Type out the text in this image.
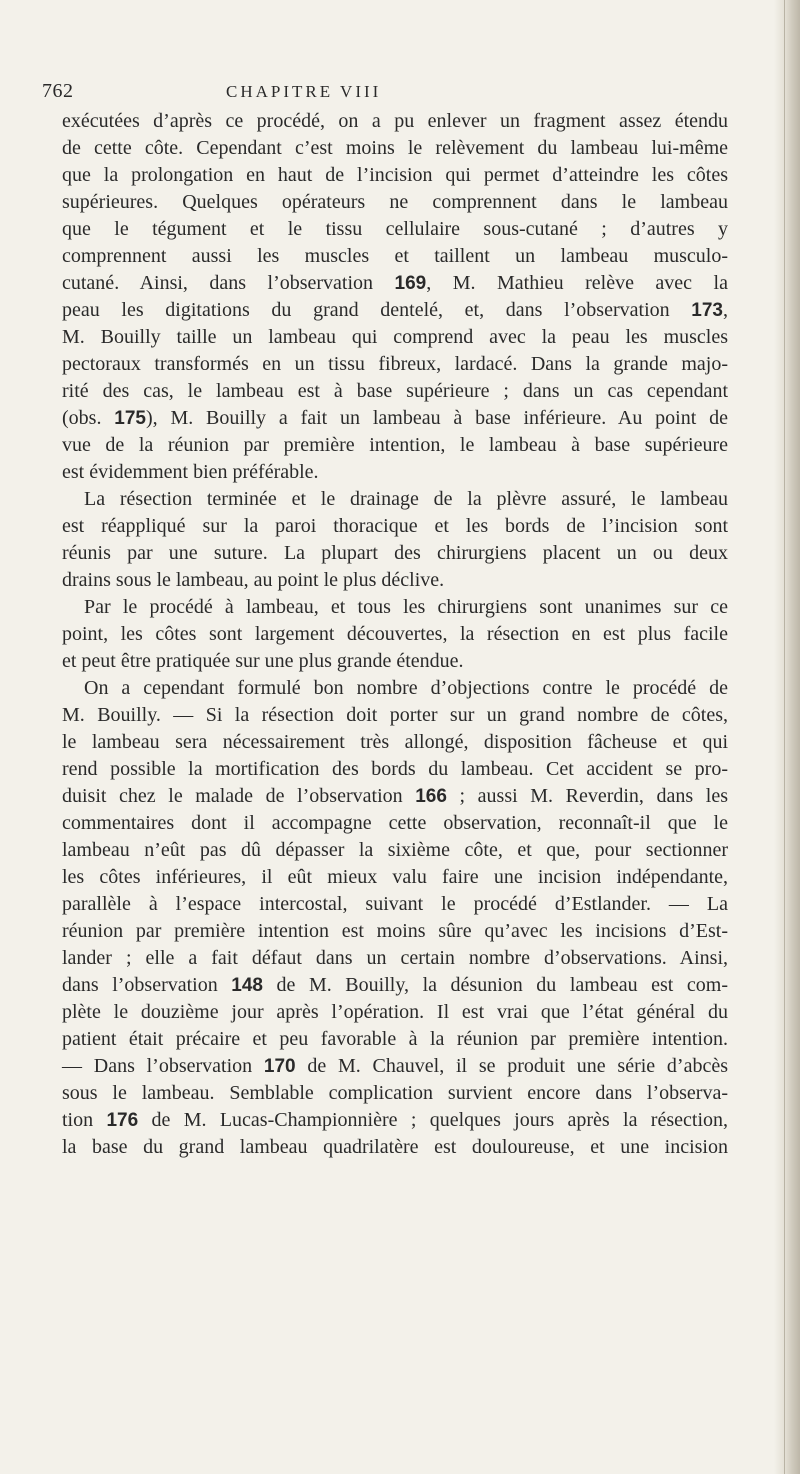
762	CHAPITRE VIII
exécutées d’après ce procédé, on a pu enlever un fragment assez étendu
de cette côte. Cependant c’est moins le relèvement du lambeau lui-même
que la prolongation en haut de l’incision qui permet d’atteindre les côtes
supérieures. Quelques opérateurs ne comprennent dans le lambeau
que le tégument et le tissu cellulaire sous-cutané ; d’autres y
comprennent aussi les muscles et taillent un lambeau musculo-
cutané. Ainsi, dans l’observation 169, M. Mathieu relève avec la
peau les digitations du grand dentelé, et, dans l’observation 173,
M. Bouilly taille un lambeau qui comprend avec la peau les muscles
pectoraux transformés en un tissu fibreux, lardacé. Dans la grande majo-
rité des cas, le lambeau est à base supérieure ; dans un cas cependant
(obs. 175), M. Bouilly a fait un lambeau à base inférieure. Au point de
vue de la réunion par première intention, le lambeau à base supérieure
est évidemment bien préférable.
La résection terminée et le drainage de la plèvre assuré, le lambeau
est réappliqué sur la paroi thoracique et les bords de l’incision sont
réunis par une suture. La plupart des chirurgiens placent un ou deux
drains sous le lambeau, au point le plus déclive.
Par le procédé à lambeau, et tous les chirurgiens sont unanimes sur ce
point, les côtes sont largement découvertes, la résection en est plus facile
et peut être pratiquée sur une plus grande étendue.
On a cependant formulé bon nombre d’objections contre le procédé de
M. Bouilly. — Si la résection doit porter sur un grand nombre de côtes,
le lambeau sera nécessairement très allongé, disposition fâcheuse et qui
rend possible la mortification des bords du lambeau. Cet accident se pro-
duisit chez le malade de l’observation 166 ; aussi M. Reverdin, dans les
commentaires dont il accompagne cette observation, reconnaît-il que le
lambeau n’eût pas dû dépasser la sixième côte, et que, pour sectionner
les côtes inférieures, il eût mieux valu faire une incision indépendante,
parallèle à l’espace intercostal, suivant le procédé d’Estlander. — La
réunion par première intention est moins sûre qu’avec les incisions d’Est-
lander ; elle a fait défaut dans un certain nombre d’observations. Ainsi,
dans l’observation 148 de M. Bouilly, la désunion du lambeau est com-
plète le douzième jour après l’opération. Il est vrai que l’état général du
patient était précaire et peu favorable à la réunion par première intention.
— Dans l’observation 170 de M. Chauvel, il se produit une série d’abcès
sous le lambeau. Semblable complication survient encore dans l’observa-
tion 176 de M. Lucas-Championnière ; quelques jours après la résection,
la base du grand lambeau quadrilatère est douloureuse, et une incision
